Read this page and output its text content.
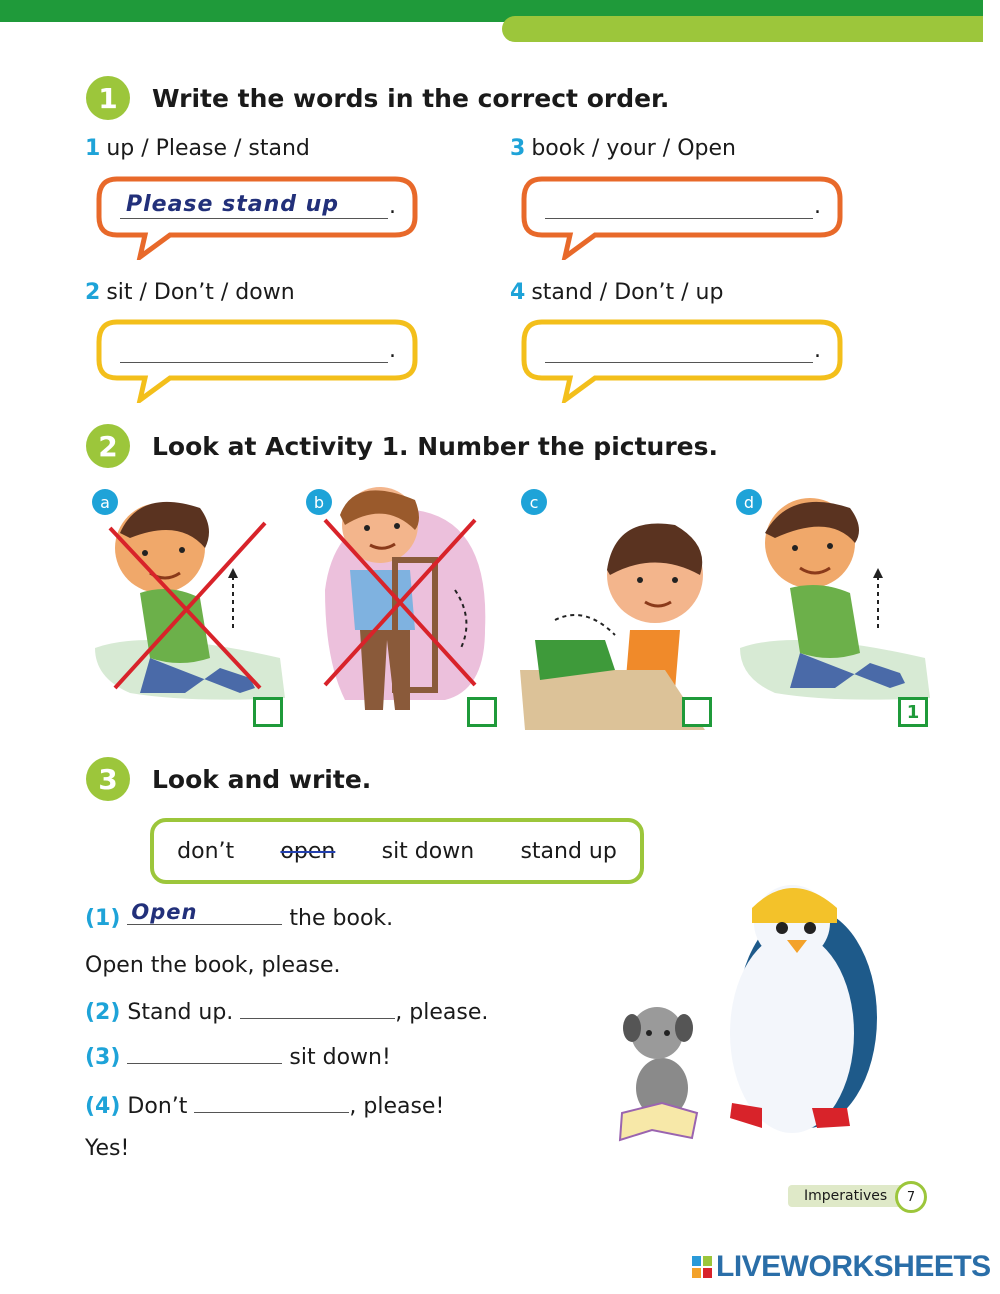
1	Write the words in the correct order.
1 up / Please / stand	3 book / your / Open
2 sit / Don’t / down	4 stand / Don’t / up
Please stand up .	.
.	.
2	Look at Activity 1. Number the pictures.
a	b	c	d
1
3	Look and write.
don’t open sit down stand up
(1) Open	the book.
Open the book, please.
(2) Stand up.	, please.
(3)	sit down!
(4) Don’t	, please!
Yes!
Imperatives	7
LIVEWORKSHEETS
